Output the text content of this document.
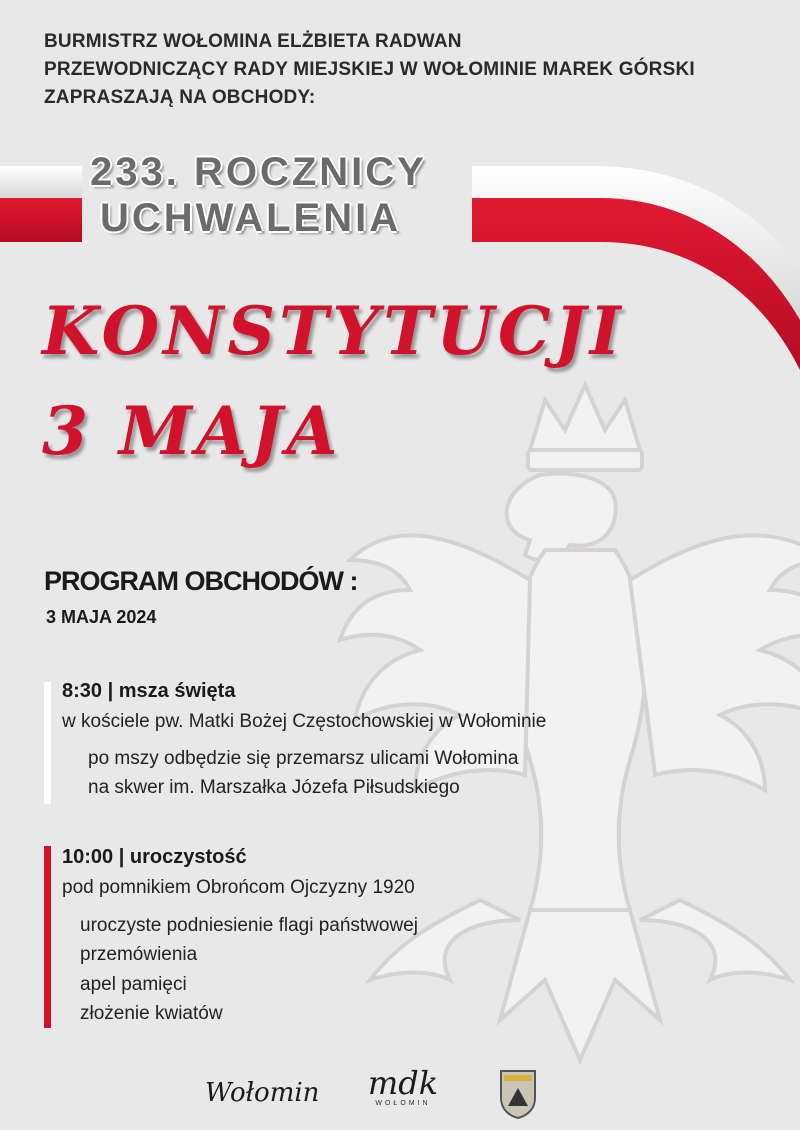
BURMISTRZ WOŁOMINA ELŻBIETA RADWAN
PRZEWODNICZĄCY RADY MIEJSKIEJ W WOŁOMINIE MAREK GÓRSKI
ZAPRASZAJĄ NA OBCHODY:
233. ROCZNICY
UCHWALENIA
KONSTYTUCJI
3 MAJA
PROGRAM OBCHODÓW :
3 MAJA 2024
8:30 | msza święta
w kościele pw. Matki Bożej Częstochowskiej w Wołominie
po mszy odbędzie się przemarsz ulicami Wołomina
na skwer im. Marszałka Józefa Piłsudskiego
10:00 | uroczystość
pod pomnikiem Obrońcom Ojczyzny 1920
uroczyste podniesienie flagi państwowej
przemówienia
apel pamięci
złożenie kwiatów
Wołomin	mdk
WOŁOMIN
